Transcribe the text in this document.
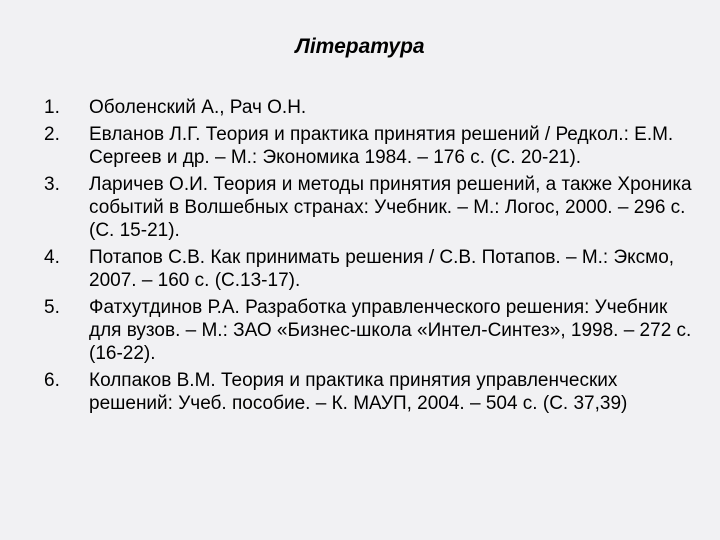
Література
1. Оболенский А., Рач О.Н.
2. Евланов Л.Г. Теория и практика принятия решений / Редкол.: Е.М. Сергеев и др. – М.: Экономика 1984. – 176 с. (С. 20-21).
3. Ларичев О.И. Теория и методы принятия решений, а также Хроника событий в Волшебных странах: Учебник. – М.: Логос, 2000. – 296 с. (С. 15-21).
4. Потапов С.В. Как принимать решения / С.В. Потапов. – М.: Эксмо, 2007. – 160 с. (С.13-17).
5. Фатхутдинов Р.А. Разработка управленческого решения: Учебник для вузов. – М.: ЗАО «Бизнес-школа «Интел-Синтез», 1998. – 272 с. (16-22).
6. Колпаков В.М. Теория и практика принятия управленческих решений: Учеб. пособие. – К. МАУП, 2004. – 504 с. (С. 37,39)
